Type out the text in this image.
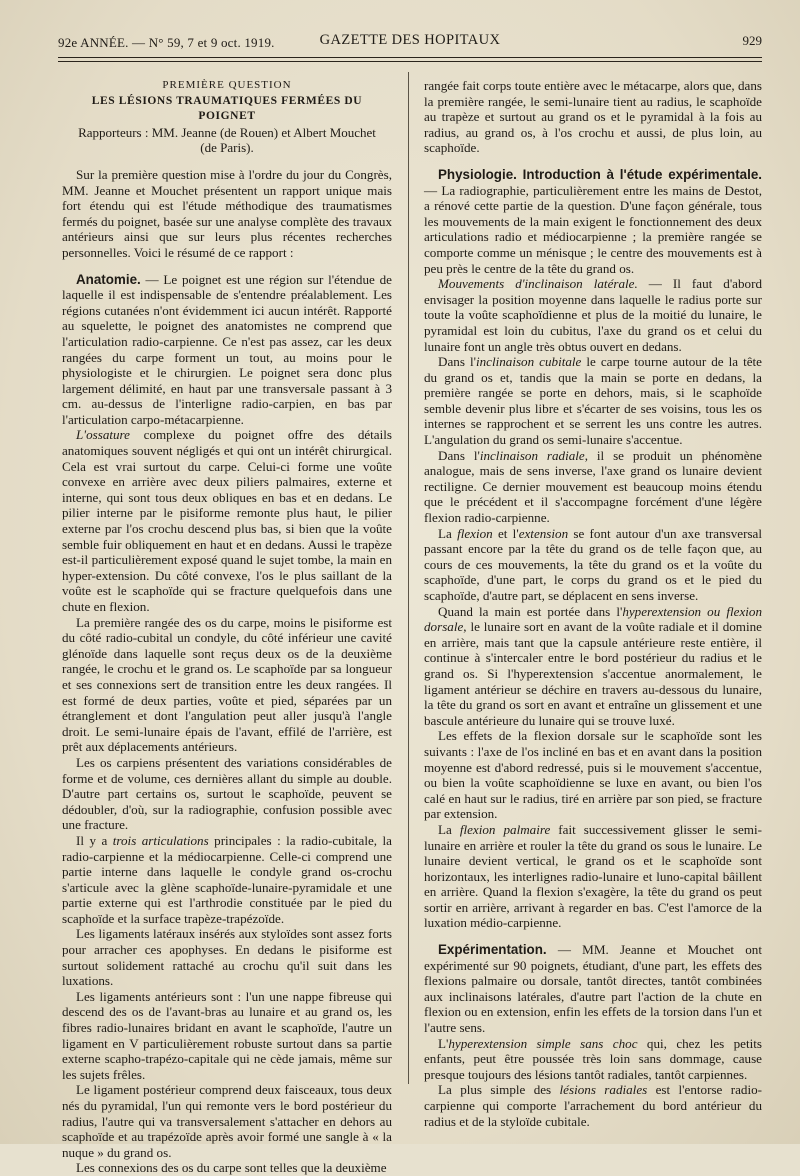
92e ANNÉE. — N° 59, 7 et 9 oct. 1919.	GAZETTE DES HOPITAUX	929

PREMIÈRE QUESTION

LES LÉSIONS TRAUMATIQUES FERMÉES DU POIGNET

Rapporteurs : MM. Jeanne (de Rouen) et Albert Mouchet

(de Paris).

Sur la première question mise à l'ordre du jour du Congrès, MM. Jeanne et Mouchet présentent un rapport unique mais fort étendu qui est l'étude méthodique des traumatismes fermés du poignet, basée sur une analyse complète des travaux antérieurs ainsi que sur leurs plus récentes recherches personnelles. Voici le résumé de ce rapport :

Anatomie. — Le poignet est une région sur l'étendue de laquelle il est indispensable de s'entendre préalablement. Les régions cutanées n'ont évidemment ici aucun intérêt. Rapporté au squelette, le poignet des anatomistes ne comprend que l'articulation radio-carpienne. Ce n'est pas assez, car les deux rangées du carpe forment un tout, au moins pour le physiologiste et le chirurgien. Le poignet sera donc plus largement délimité, en haut par une transversale passant à 3 cm. au-dessus de l'interligne radio-carpien, en bas par l'articulation carpo-métacarpienne.

L'ossature complexe du poignet offre des détails anatomiques souvent négligés et qui ont un intérêt chirurgical. Cela est vrai surtout du carpe. Celui-ci forme une voûte convexe en arrière avec deux piliers palmaires, externe et interne, qui sont tous deux obliques en bas et en dedans. Le pilier interne par le pisiforme remonte plus haut, le pilier externe par l'os crochu descend plus bas, si bien que la voûte semble fuir obliquement en haut et en dedans. Aussi le trapèze est-il particulièrement exposé quand le sujet tombe, la main en hyper-extension. Du côté convexe, l'os le plus saillant de la voûte est le scaphoïde qui se fracture quelquefois dans une chute en flexion.

La première rangée des os du carpe, moins le pisiforme est du côté radio-cubital un condyle, du côté inférieur une cavité glénoïde dans laquelle sont reçus deux os de la deuxième rangée, le crochu et le grand os. Le scaphoïde par sa longueur et ses connexions sert de transition entre les deux rangées. Il est formé de deux parties, voûte et pied, séparées par un étranglement et dont l'angulation peut aller jusqu'à l'angle droit. Le semi-lunaire épais de l'avant, effilé de l'arrière, est prêt aux déplacements antérieurs.

Les os carpiens présentent des variations considérables de forme et de volume, ces dernières allant du simple au double. D'autre part certains os, surtout le scaphoïde, peuvent se dédoubler, d'où, sur la radiographie, confusion possible avec une fracture.

Il y a trois articulations principales : la radio-cubitale, la radio-carpienne et la médiocarpienne. Celle-ci comprend une partie interne dans laquelle le condyle grand os-crochu s'articule avec la glène scaphoïde-lunaire-pyramidale et une partie externe qui est l'arthrodie constituée par le pied du scaphoïde et la surface trapèze-trapézoïde.

Les ligaments latéraux insérés aux styloïdes sont assez forts pour arracher ces apophyses. En dedans le pisiforme est surtout solidement rattaché au crochu qu'il suit dans les luxations.

Les ligaments antérieurs sont : l'un une nappe fibreuse qui descend des os de l'avant-bras au lunaire et au grand os, les fibres radio-lunaires bridant en avant le scaphoïde, l'autre un ligament en V particulièrement robuste surtout dans sa partie externe scapho-trapézo-capitale qui ne cède jamais, même sur les sujets frêles.

Le ligament postérieur comprend deux faisceaux, tous deux nés du pyramidal, l'un qui remonte vers le bord postérieur du radius, l'autre qui va transversalement s'attacher en dehors au scaphoïde et au trapézoïde après avoir formé une sangle à « la nuque » du grand os.

Les connexions des os du carpe sont telles que la deuxième

rangée fait corps toute entière avec le métacarpe, alors que, dans la première rangée, le semi-lunaire tient au radius, le scaphoïde au trapèze et surtout au grand os et le pyramidal à la fois au radius, au grand os, à l'os crochu et aussi, de plus loin, au scaphoïde.

Physiologie. Introduction à l'étude expérimentale. — La radiographie, particulièrement entre les mains de Destot, a rénové cette partie de la question. D'une façon générale, tous les mouvements de la main exigent le fonctionnement des deux articulations radio et médiocarpienne ; la première rangée se comporte comme un ménisque ; le centre des mouvements est à peu près le centre de la tête du grand os.

Mouvements d'inclinaison latérale. — Il faut d'abord envisager la position moyenne dans laquelle le radius porte sur toute la voûte scaphoïdienne et plus de la moitié du lunaire, le pyramidal est loin du cubitus, l'axe du grand os et celui du lunaire font un angle très obtus ouvert en dedans.

Dans l'inclinaison cubitale le carpe tourne autour de la tête du grand os et, tandis que la main se porte en dedans, la première rangée se porte en dehors, mais, si le scaphoïde semble devenir plus libre et s'écarter de ses voisins, tous les os internes se rapprochent et se serrent les uns contre les autres. L'angulation du grand os semi-lunaire s'accentue.

Dans l'inclinaison radiale, il se produit un phénomène analogue, mais de sens inverse, l'axe grand os lunaire devient rectiligne. Ce dernier mouvement est beaucoup moins étendu que le précédent et il s'accompagne forcément d'une légère flexion radio-carpienne.

La flexion et l'extension se font autour d'un axe transversal passant encore par la tête du grand os de telle façon que, au cours de ces mouvements, la tête du grand os et la voûte du scaphoïde, d'une part, le corps du grand os et le pied du scaphoïde, d'autre part, se déplacent en sens inverse.

Quand la main est portée dans l'hyperextension ou flexion dorsale, le lunaire sort en avant de la voûte radiale et il domine en arrière, mais tant que la capsule antérieure reste entière, il continue à s'intercaler entre le bord postérieur du radius et le grand os. Si l'hyperextension s'accentue anormalement, le ligament antérieur se déchire en travers au-dessous du lunaire, la tête du grand os sort en avant et entraîne un glissement et une bascule antérieure du lunaire qui se trouve luxé.

Les effets de la flexion dorsale sur le scaphoïde sont les suivants : l'axe de l'os incliné en bas et en avant dans la position moyenne est d'abord redressé, puis si le mouvement s'accentue, ou bien la voûte scaphoïdienne se luxe en avant, ou bien l'os calé en haut sur le radius, tiré en arrière par son pied, se fracture par extension.

La flexion palmaire fait successivement glisser le semi-lunaire en arrière et rouler la tête du grand os sous le lunaire. Le lunaire devient vertical, le grand os et le scaphoïde sont horizontaux, les interlignes radio-lunaire et luno-capital bâillent en arrière. Quand la flexion s'exagère, la tête du grand os peut sortir en arrière, arrivant à regarder en bas. C'est l'amorce de la luxation médio-carpienne.

Expérimentation. — MM. Jeanne et Mouchet ont expérimenté sur 90 poignets, étudiant, d'une part, les effets des flexions palmaire ou dorsale, tantôt directes, tantôt combinées aux inclinaisons latérales, d'autre part l'action de la chute en flexion ou en extension, enfin les effets de la torsion dans l'un et l'autre sens.

L'hyperextension simple sans choc qui, chez les petits enfants, peut être poussée très loin sans dommage, cause presque toujours des lésions tantôt radiales, tantôt carpiennes.

La plus simple des lésions radiales est l'entorse radio-carpienne qui comporte l'arrachement du bord antérieur du radius et de la styloïde cubitale.
